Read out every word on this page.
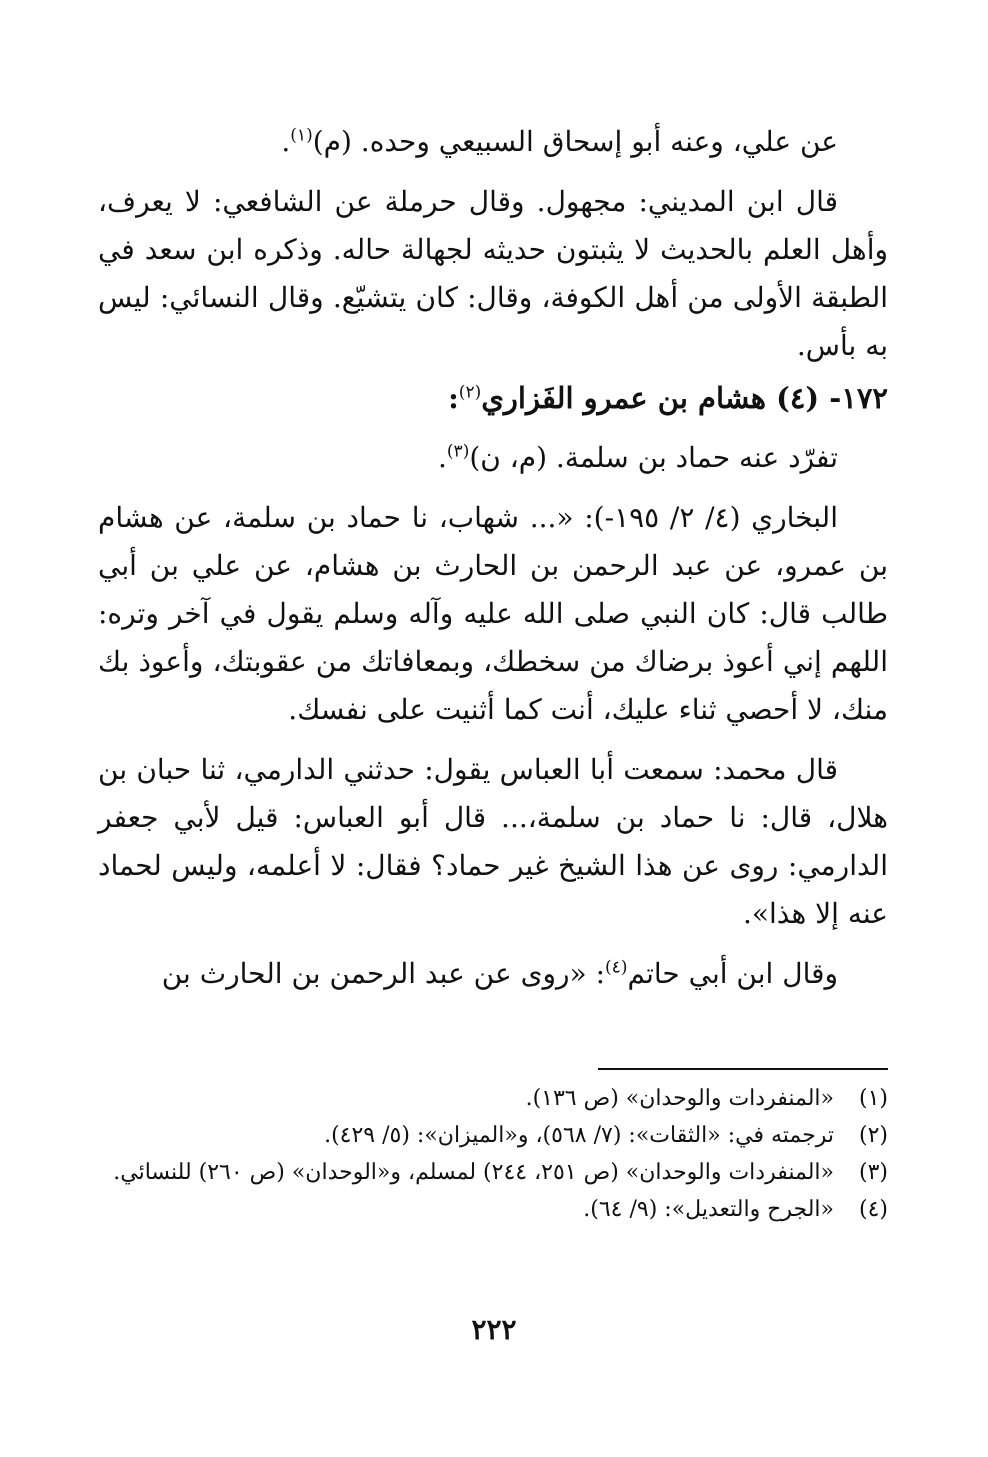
عن علي، وعنه أبو إسحاق السبيعي وحده. (م)$^{(١)}$.

قال ابن المديني: مجهول. وقال حرملة عن الشافعي: لا يعرف، وأهل العلم بالحديث لا يثبتون حديثه لجهالة حاله. وذكره ابن سعد في الطبقة الأولى من أهل الكوفة، وقال: كان يتشيّع. وقال النسائي: ليس به بأس.

١٧٢- (٤) هشام بن عمرو الفَزاري$^{(٢)}$:

تفرّد عنه حماد بن سلمة. (م، ن)$^{(٣)}$.

البخاري (٤/ ٢/ ١٩٥-): «... شهاب، نا حماد بن سلمة، عن هشام بن عمرو، عن عبد الرحمن بن الحارث بن هشام، عن علي بن أبي طالب قال: كان النبي صلى الله عليه وآله وسلم يقول في آخر وتره: اللهم إني أعوذ برضاك من سخطك، وبمعافاتك من عقوبتك، وأعوذ بك منك، لا أحصي ثناء عليك، أنت كما أثنيت على نفسك.

قال محمد: سمعت أبا العباس يقول: حدثني الدارمي، ثنا حبان بن هلال، قال: نا حماد بن سلمة،... قال أبو العباس: قيل لأبي جعفر الدارمي: روى عن هذا الشيخ غير حماد؟ فقال: لا أعلمه، وليس لحماد عنه إلا هذا».

وقال ابن أبي حاتم$^{(٤)}$: «روى عن عبد الرحمن بن الحارث بن

(١)
«المنفردات والوحدان» (ص ١٣٦).
(٢)
ترجمته في: «الثقات»: (٧/ ٥٦٨)، و«الميزان»: (٥/ ٤٢٩).
(٣)
«المنفردات والوحدان» (ص ٢٥١، ٢٤٤) لمسلم، و«الوحدان» (ص ٢٦٠) للنسائي.
(٤)
«الجرح والتعديل»: (٩/ ٦٤).
٢٢٢
